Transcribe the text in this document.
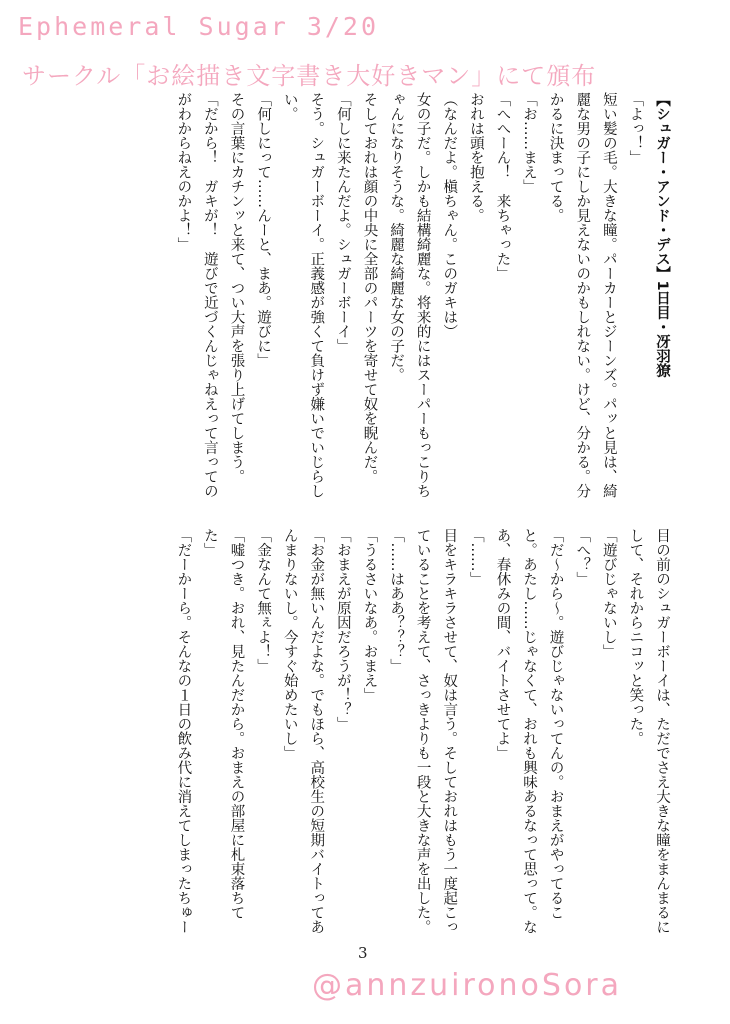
Ephemeral Sugar 3/20
サークル「お絵描き文字書き大好きマン」にて頒布

【シュガー・アンド・デス】1日目・冴羽獠

「よっ！」

短い髪の毛。大きな瞳。パーカーとジーンズ。パッと見は、綺麗な男の子にしか見えないのかもしれない。けど、分かる。分かるに決まってる。

「お……まえ」

「へへーん！　来ちゃった」

おれは頭を抱える。

（なんだよ。槇ちゃん。このガキは）

女の子だ。しかも結構綺麗な。将来的にはスーパーもっこりちゃんになりそうな。綺麗な綺麗な女の子だ。

そしておれは顔の中央に全部のパーツを寄せて奴を睨んだ。

「何しに来たんだよ。シュガーボーイ」

そう。シュガーボーイ。正義感が強くて負けず嫌いでいじらしい。

「何しにって……んーと、まあ。遊びに」

その言葉にカチンッと来て、つい大声を張り上げてしまう。

「だから！　ガキが！　遊びで近づくんじゃねえって言ってのがわからねえのかよ！」

目の前のシュガーボーイは、ただでさえ大きな瞳をまんまるにして、それからニコッと笑った。

「遊びじゃないし」

「へ？」

「だ～から～。遊びじゃないってんの。おまえがやってること。あたし……じゃなくて、おれも興味あるなって思って。なあ、春休みの間、バイトさせてよ」

「……」

目をキラキラさせて、奴は言う。そしておれはもう一度起こっていることを考えて、さっきよりも一段と大きな声を出した。

「……はああ？？？」

「うるさいなあ。おまえ」

「おまえが原因だろうが！？」

「お金が無いんだよな。でもほら、高校生の短期バイトってあんまりないし。今すぐ始めたいし」

「金なんて無ぇよ！」

「嘘つき。おれ、見たんだから。おまえの部屋に札束落ちてた」

「だーかーら。そんなの１日の飲み代に消えてしまったちゅー

3
@annzuironoSora
